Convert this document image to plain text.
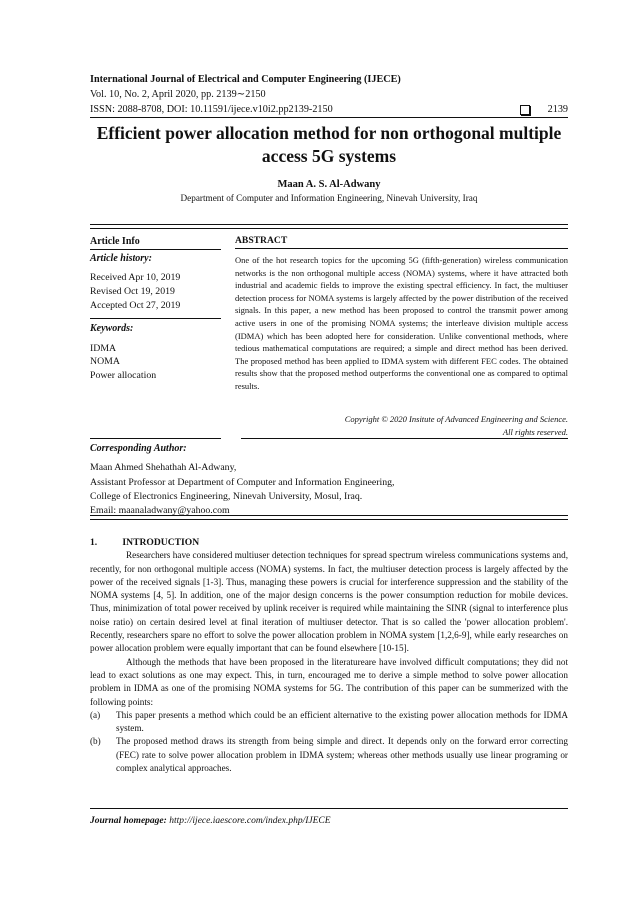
International Journal of Electrical and Computer Engineering (IJECE)
Vol. 10, No. 2, April 2020, pp. 2139∼2150
ISSN: 2088-8708, DOI: 10.11591/ijece.v10i2.pp2139-2150	2139
Efficient power allocation method for non orthogonal multiple access 5G systems
Maan A. S. Al-Adwany
Department of Computer and Information Engineering, Ninevah University, Iraq
Article Info
Article history:
Received Apr 10, 2019
Revised Oct 19, 2019
Accepted Oct 27, 2019
Keywords:
IDMA
NOMA
Power allocation
ABSTRACT
One of the hot research topics for the upcoming 5G (fifth-generation) wireless communication networks is the non orthogonal multiple access (NOMA) systems, where it have attracted both industrial and academic fields to improve the existing spectral efficiency. In fact, the multiuser detection process for NOMA systems is largely affected by the power distribution of the received signals. In this paper, a new method has been proposed to control the transmit power among active users in one of the promising NOMA systems; the interleave division multiple access (IDMA) which has been adopted here for consideration. Unlike conventional methods, where tedious mathematical computations are required; a simple and direct method has been derived. The proposed method has been applied to IDMA system with different FEC codes. The obtained results show that the proposed method outperforms the conventional one as compared to optimal results.
Copyright © 2020 Insitute of Advanced Engineering and Science.
All rights reserved.
Corresponding Author:
Maan Ahmed Shehathah Al-Adwany,
Assistant Professor at Department of Computer and Information Engineering,
College of Electronics Engineering, Ninevah University, Mosul, Iraq.
Email: maanaladwany@yahoo.com
1.	INTRODUCTION

Researchers have considered multiuser detection techniques for spread spectrum wireless communications systems and, recently, for non orthogonal multiple access (NOMA) systems. In fact, the multiuser detection process is largely affected by the power of the received signals [1-3]. Thus, managing these powers is crucial for interference suppression and the stability of the NOMA systems [4, 5]. In addition, one of the major design concerns is the power consumption reduction for mobile devices. Thus, minimization of total power received by uplink receiver is required while maintaining the SINR (signal to interference plus noise ratio) on certain desired level at final iteration of multiuser detector. That is so called the 'power allocation problem'. Recently, researchers spare no effort to solve the power allocation problem in NOMA system [1,2,6-9], while early researches on power allocation problem were equally important that can be found elsewhere [10-15].

Although the methods that have been proposed in the literatureare have involved difficult computations; they did not lead to exact solutions as one may expect. This, in turn, encouraged me to derive a simple method to solve power allocation problem in IDMA as one of the promising NOMA systems for 5G. The contribution of this paper can be summerized with the following points:

(a) This paper presents a method which could be an efficient alternative to the existing power allocation methods for IDMA system.
(b) The proposed method draws its strength from being simple and direct. It depends only on the forward error correcting (FEC) rate to solve power allocation problem in IDMA system; whereas other methods usually use linear programing or complex analytical approaches.
Journal homepage: http://ijece.iaescore.com/index.php/IJECE
